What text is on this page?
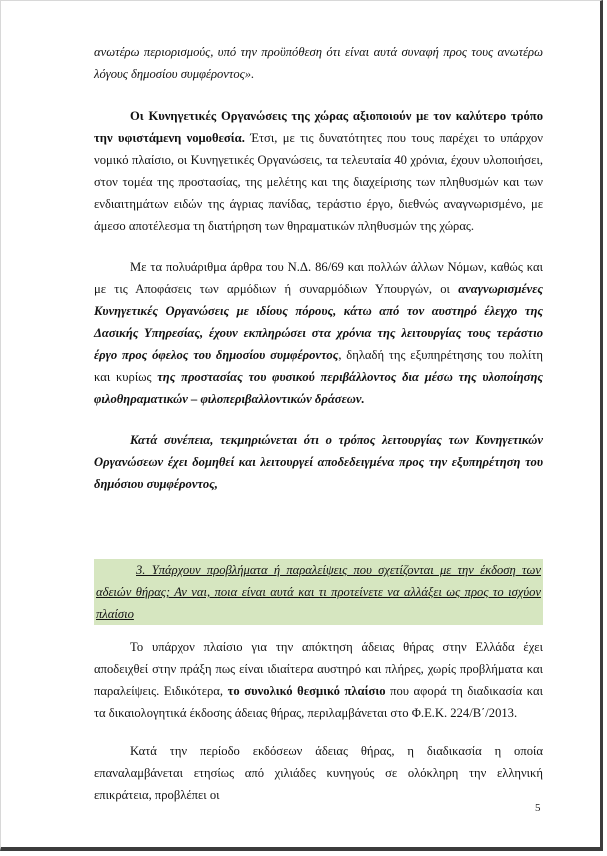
ανωτέρω περιορισμούς, υπό την προϋπόθεση ότι είναι αυτά συναφή προς τους ανωτέρω λόγους δημοσίου συμφέροντος».

Οι Κυνηγετικές Οργανώσεις της χώρας αξιοποιούν με τον καλύτερο τρόπο την υφιστάμενη νομοθεσία. Έτσι, με τις δυνατότητες που τους παρέχει το υπάρχον νομικό πλαίσιο, οι Κυνηγετικές Οργανώσεις, τα τελευταία 40 χρόνια, έχουν υλοποιήσει, στον τομέα της προστασίας, της μελέτης και της διαχείρισης των πληθυσμών και των ενδιαιτημάτων ειδών της άγριας πανίδας, τεράστιο έργο, διεθνώς αναγνωρισμένο, με άμεσο αποτέλεσμα τη διατήρηση των θηραματικών πληθυσμών της χώρας.

Με τα πολυάριθμα άρθρα του Ν.Δ. 86/69 και πολλών άλλων Νόμων, καθώς και με τις Αποφάσεις των αρμόδιων ή συναρμόδιων Υπουργών, οι αναγνωρισμένες Κυνηγετικές Οργανώσεις με ιδίους πόρους, κάτω από τον αυστηρό έλεγχο της Δασικής Υπηρεσίας, έχουν εκπληρώσει στα χρόνια της λειτουργίας τους τεράστιο έργο προς όφελος του δημοσίου συμφέροντος, δηλαδή της εξυπηρέτησης του πολίτη και κυρίως της προστασίας του φυσικού περιβάλλοντος δια μέσω της υλοποίησης φιλοθηραματικών – φιλοπεριβαλλοντικών δράσεων.

Κατά συνέπεια, τεκμηριώνεται ότι ο τρόπος λειτουργίας των Κυνηγετικών Οργανώσεων έχει δομηθεί και λειτουργεί αποδεδειγμένα προς την εξυπηρέτηση του δημόσιου συμφέροντος,

3. Υπάρχουν προβλήματα ή παραλείψεις που σχετίζονται με την έκδοση των αδειών θήρας; Αν ναι, ποια είναι αυτά και τι προτείνετε να αλλάξει ως προς το ισχύον πλαίσιο

Το υπάρχον πλαίσιο για την απόκτηση άδειας θήρας στην Ελλάδα έχει αποδειχθεί στην πράξη πως είναι ιδιαίτερα αυστηρό και πλήρες, χωρίς προβλήματα και παραλείψεις. Ειδικότερα, το συνολικό θεσμικό πλαίσιο που αφορά τη διαδικασία και τα δικαιολογητικά έκδοσης άδειας θήρας, περιλαμβάνεται στο Φ.Ε.Κ. 224/Β΄/2013.

Κατά την περίοδο εκδόσεων άδειας θήρας, η διαδικασία η οποία επαναλαμβάνεται ετησίως από χιλιάδες κυνηγούς σε ολόκληρη την ελληνική επικράτεια, προβλέπει οι

5
